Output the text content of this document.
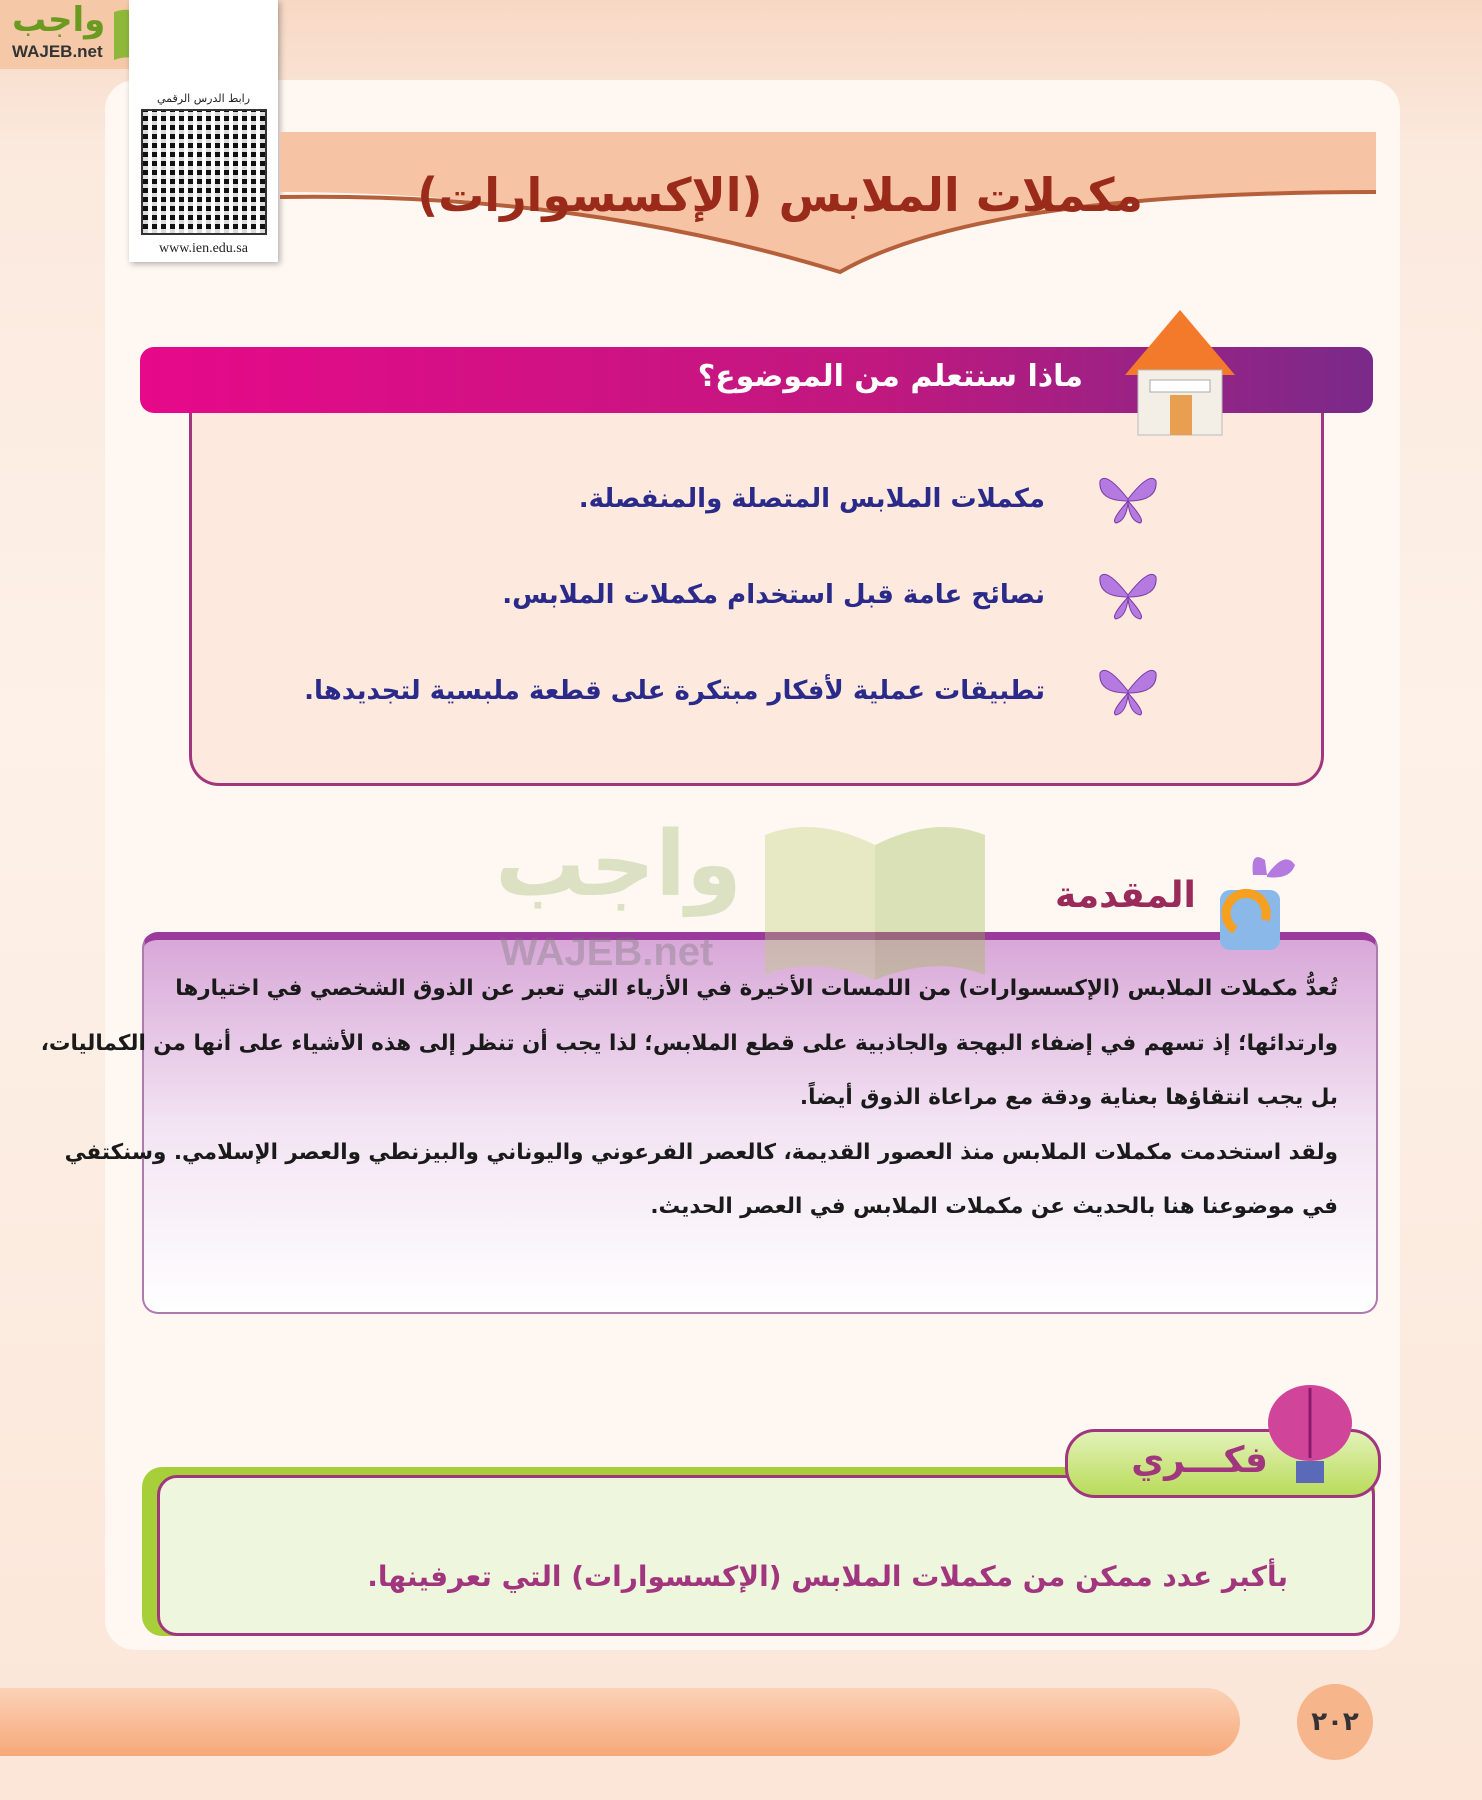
واجب
WAJEB.net
رابط الدرس الرقمي
www.ien.edu.sa
مكملات الملابس (الإكسسوارات)
ماذا سنتعلم من الموضوع؟
مكملات الملابس المتصلة والمنفصلة.
نصائح عامة قبل استخدام مكملات الملابس.
تطبيقات عملية لأفكار مبتكرة على قطعة ملبسية لتجديدها.

تُعدُّ مكملات الملابس (الإكسسوارات) من اللمسات الأخيرة في الأزياء التي تعبر عن الذوق الشخصي في اختيارها

وارتدائها؛ إذ تسهم في إضفاء البهجة والجاذبية على قطع الملابس؛ لذا يجب أن تنظر إلى هذه الأشياء على أنها من الكماليات،

بل يجب انتقاؤها بعناية ودقة مع مراعاة الذوق أيضاً.

ولقد استخدمت مكملات الملابس منذ العصور القديمة، كالعصر الفرعوني واليوناني والبيزنطي والعصر الإسلامي. وسنكتفي

في موضوعنا هنا بالحديث عن مكملات الملابس في العصر الحديث.

واجب
WAJEB.net
المقدمة
فكـــري
بأكبر عدد ممكن من مكملات الملابس (الإكسسوارات) التي تعرفينها.
٢٠٢
